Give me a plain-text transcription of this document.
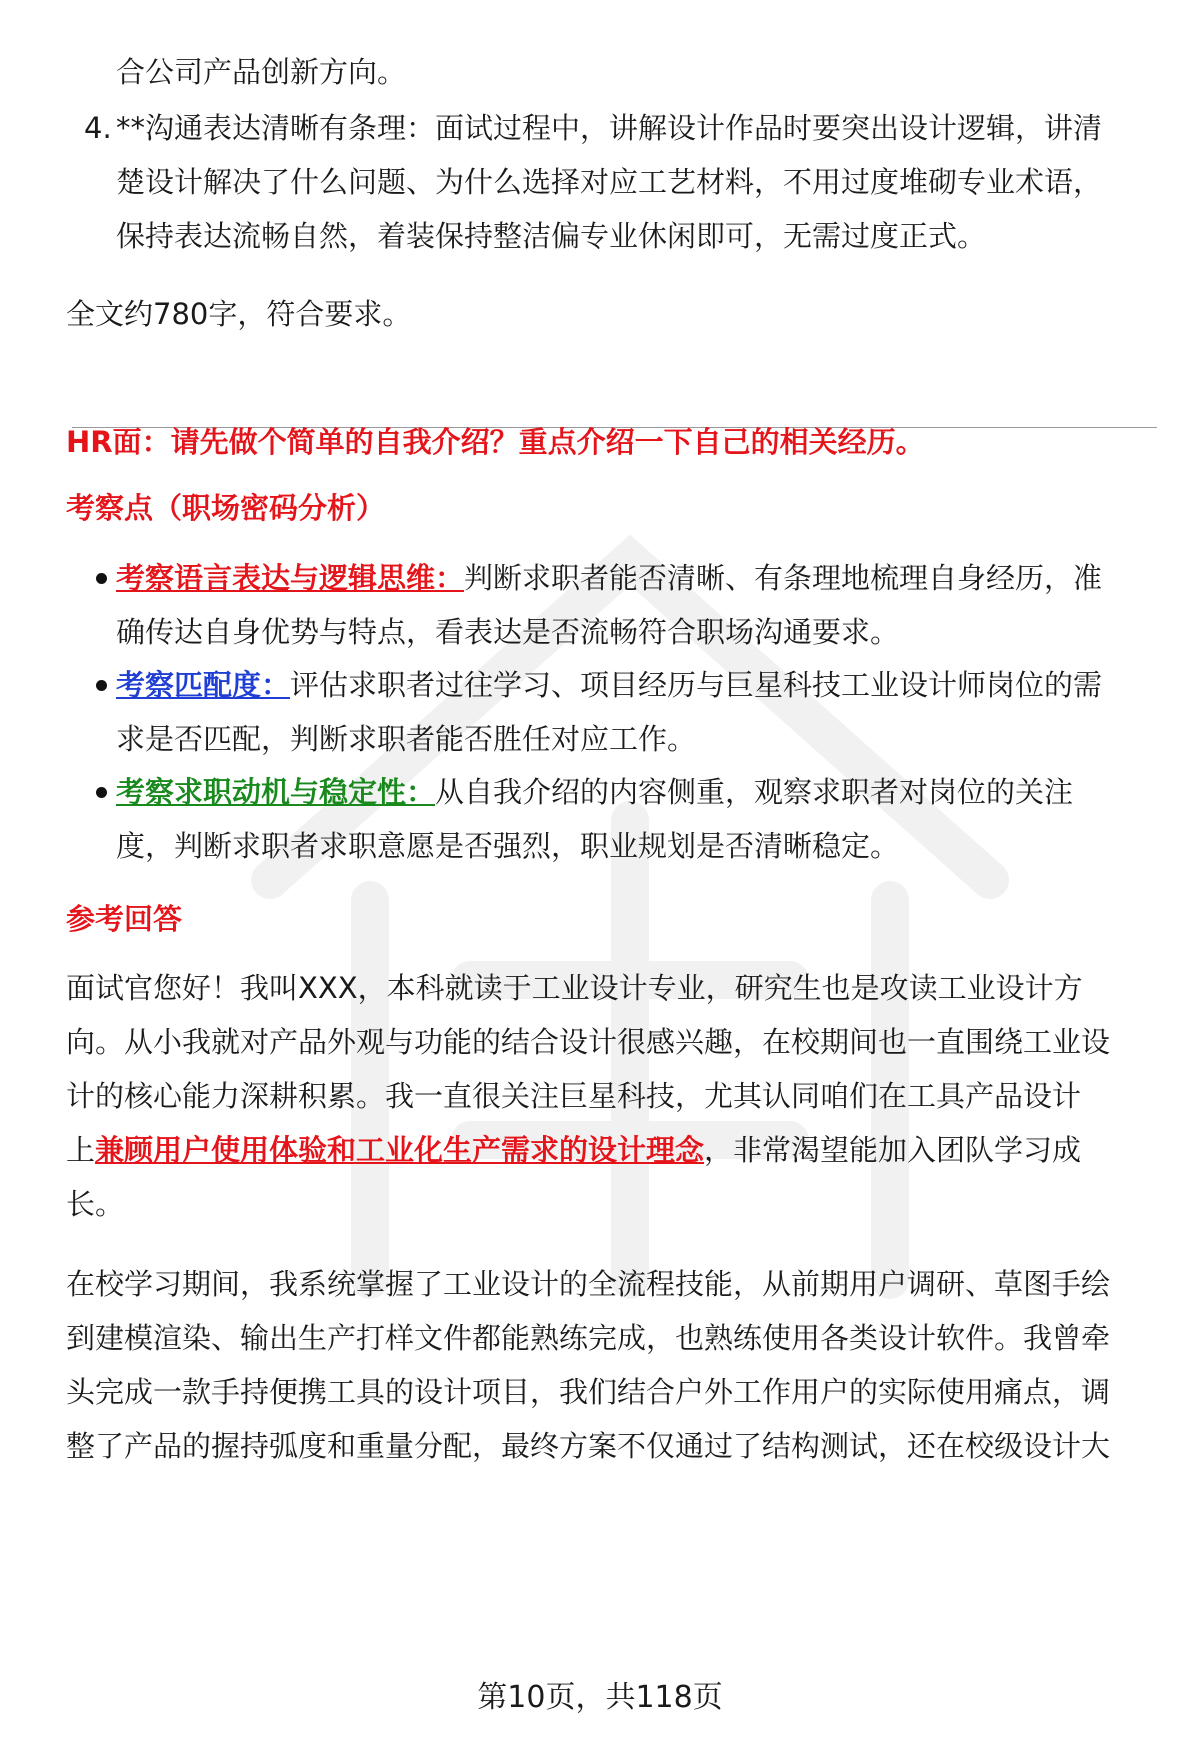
合公司产品创新方向。
4. **沟通表达清晰有条理：面试过程中，讲解设计作品时要突出设计逻辑，讲清
楚设计解决了什么问题、为什么选择对应工艺材料，不用过度堆砌专业术语，
保持表达流畅自然，着装保持整洁偏专业休闲即可，无需过度正式。
全文约780字，符合要求。
HR面：请先做个简单的自我介绍？重点介绍一下自己的相关经历。
考察点（职场密码分析）
考察语言表达与逻辑思维：判断求职者能否清晰、有条理地梳理自身经历，准
确传达自身优势与特点，看表达是否流畅符合职场沟通要求。
考察匹配度：评估求职者过往学习、项目经历与巨星科技工业设计师岗位的需
求是否匹配，判断求职者能否胜任对应工作。
考察求职动机与稳定性：从自我介绍的内容侧重，观察求职者对岗位的关注
度，判断求职者求职意愿是否强烈，职业规划是否清晰稳定。
参考回答
面试官您好！我叫XXX，本科就读于工业设计专业，研究生也是攻读工业设计方
向。从小我就对产品外观与功能的结合设计很感兴趣，在校期间也一直围绕工业设
计的核心能力深耕积累。我一直很关注巨星科技，尤其认同咱们在工具产品设计
上兼顾用户使用体验和工业化生产需求的设计理念，非常渴望能加入团队学习成
长。
在校学习期间，我系统掌握了工业设计的全流程技能，从前期用户调研、草图手绘
到建模渲染、输出生产打样文件都能熟练完成，也熟练使用各类设计软件。我曾牵
头完成一款手持便携工具的设计项目，我们结合户外工作用户的实际使用痛点，调
整了产品的握持弧度和重量分配，最终方案不仅通过了结构测试，还在校级设计大
第10页，共118页
